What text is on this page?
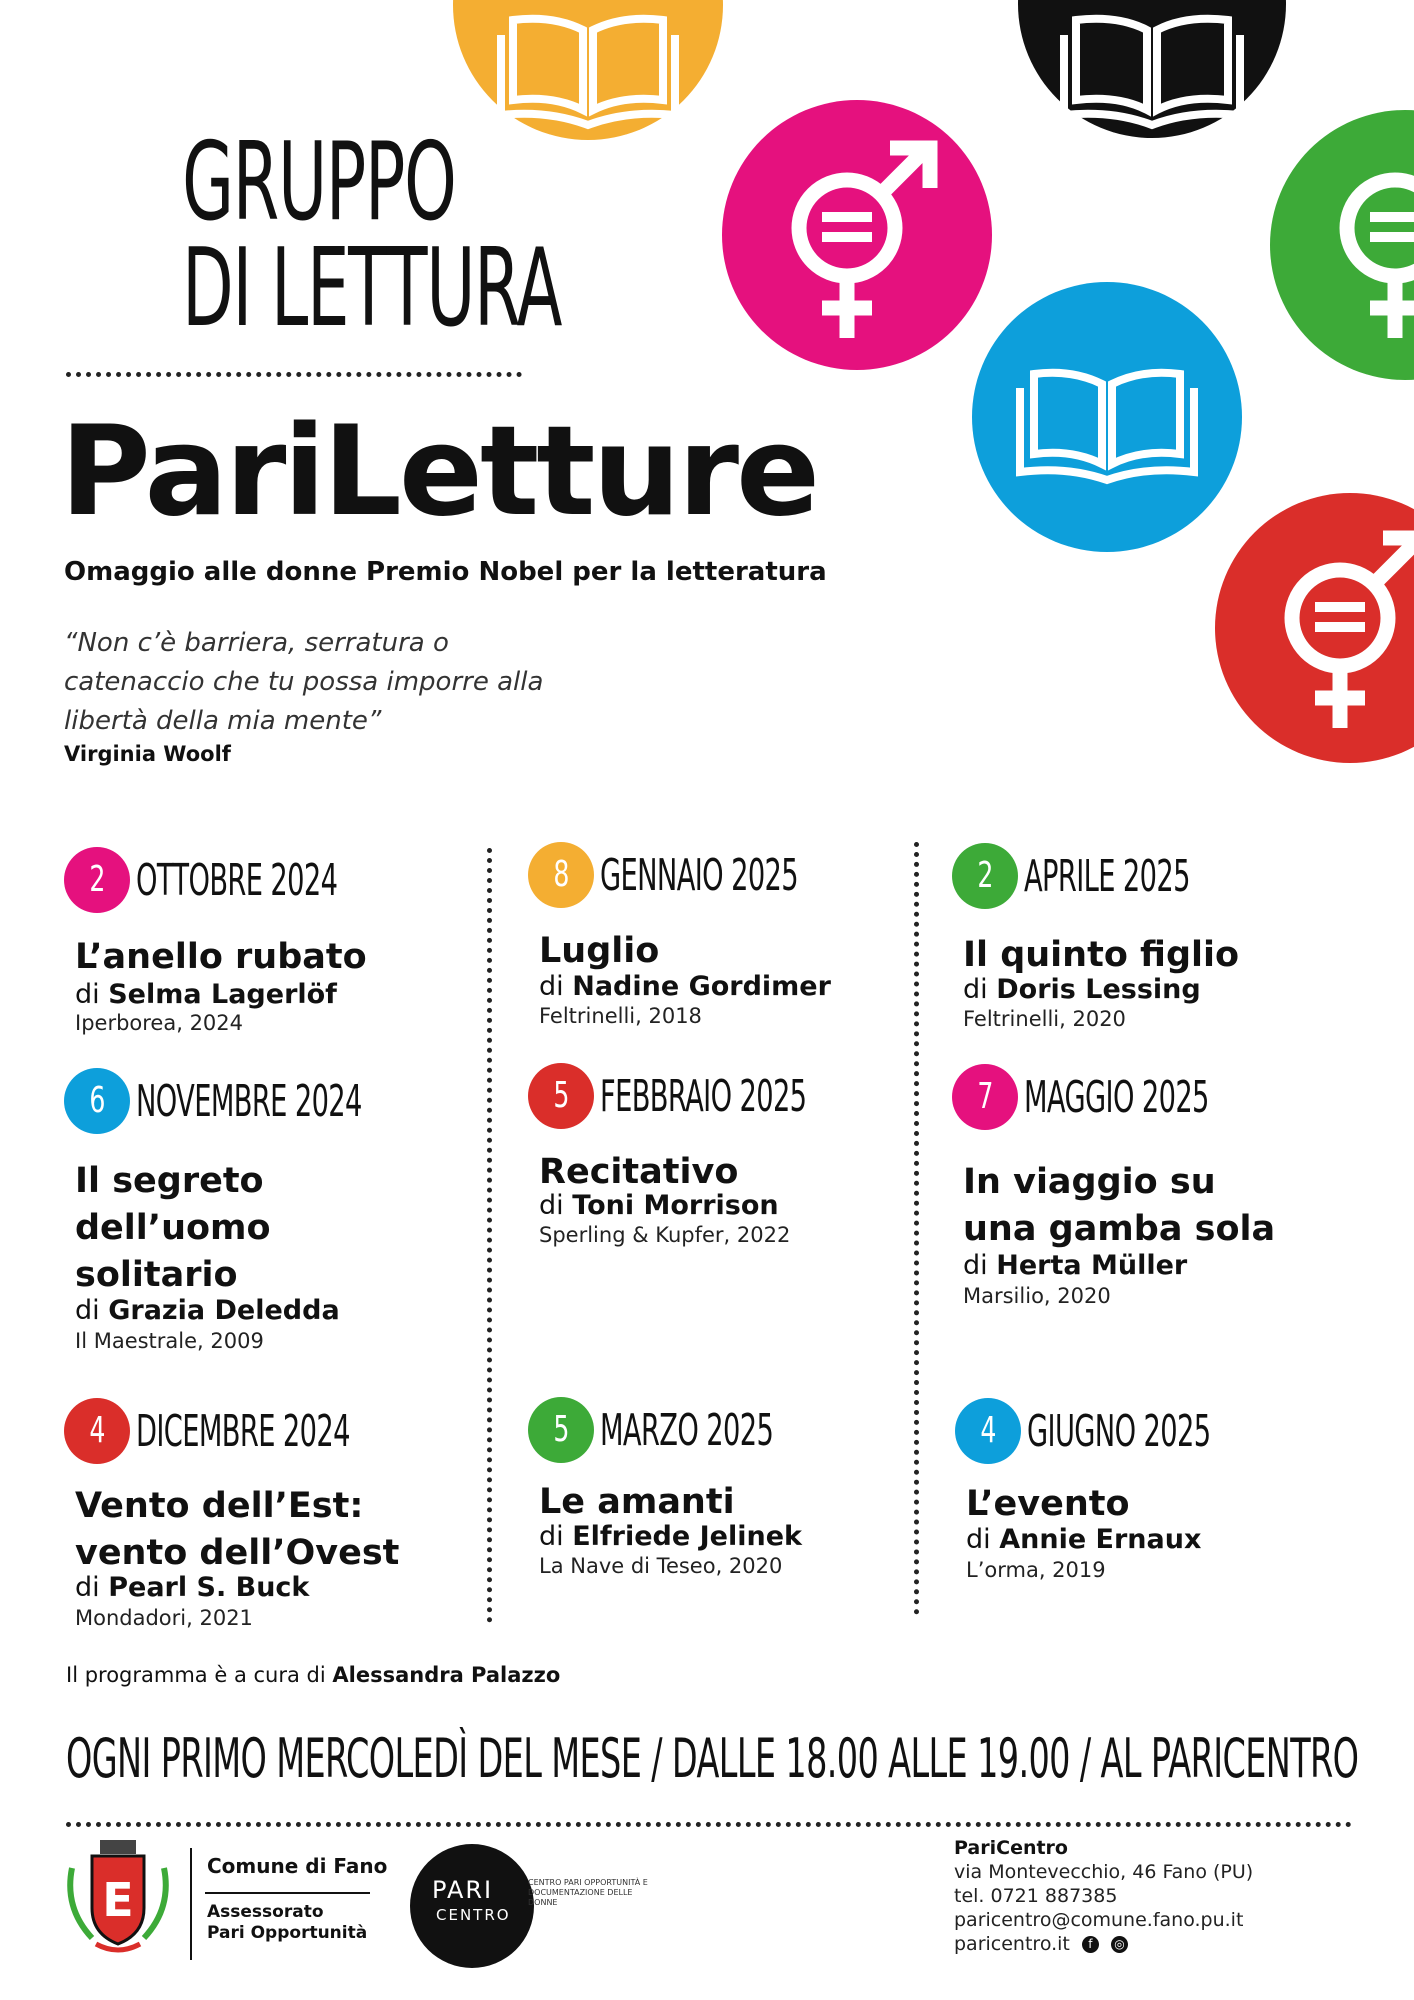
GRUPPO
DI LETTURA
PariLetture
Omaggio alle donne Premio Nobel per la letteratura
“Non c’è barriera, serratura o
catenaccio che tu possa imporre alla
libertà della mia mente”
Virginia Woolf
2 OTTOBRE 2024
L’anello rubato
di Selma Lagerlöf
Iperborea, 2024
6 NOVEMBRE 2024
Il segreto
dell’uomo
solitario
di Grazia Deledda
Il Maestrale, 2009
4 DICEMBRE 2024
Vento dell’Est:
vento dell’Ovest
di Pearl S. Buck
Mondadori, 2021
8 GENNAIO 2025
Luglio
di Nadine Gordimer
Feltrinelli, 2018
5 FEBBRAIO 2025
Recitativo
di Toni Morrison
Sperling & Kupfer, 2022
5 MARZO 2025
Le amanti
di Elfriede Jelinek
La Nave di Teseo, 2020
2 APRILE 2025
Il quinto figlio
di Doris Lessing
Feltrinelli, 2020
7 MAGGIO 2025
In viaggio su
una gamba sola
di Herta Müller
Marsilio, 2020
4 GIUGNO 2025
L’evento
di Annie Ernaux
L’orma, 2019
Il programma è a cura di Alessandra Palazzo
OGNI PRIMO MERCOLEDÌ DEL MESE / DALLE 18.00 ALLE 19.00 / AL PARICENTRO
E
Comune di Fano
Assessorato
Pari Opportunità
PARI
CENTRO
CENTRO PARI OPPORTUNITÀ E DOCUMENTAZIONE DELLE DONNE
PariCentro
via Montevecchio, 46 Fano (PU)
tel. 0721 887385
paricentro@comune.fano.pu.it
paricentro.it	f
	◎
